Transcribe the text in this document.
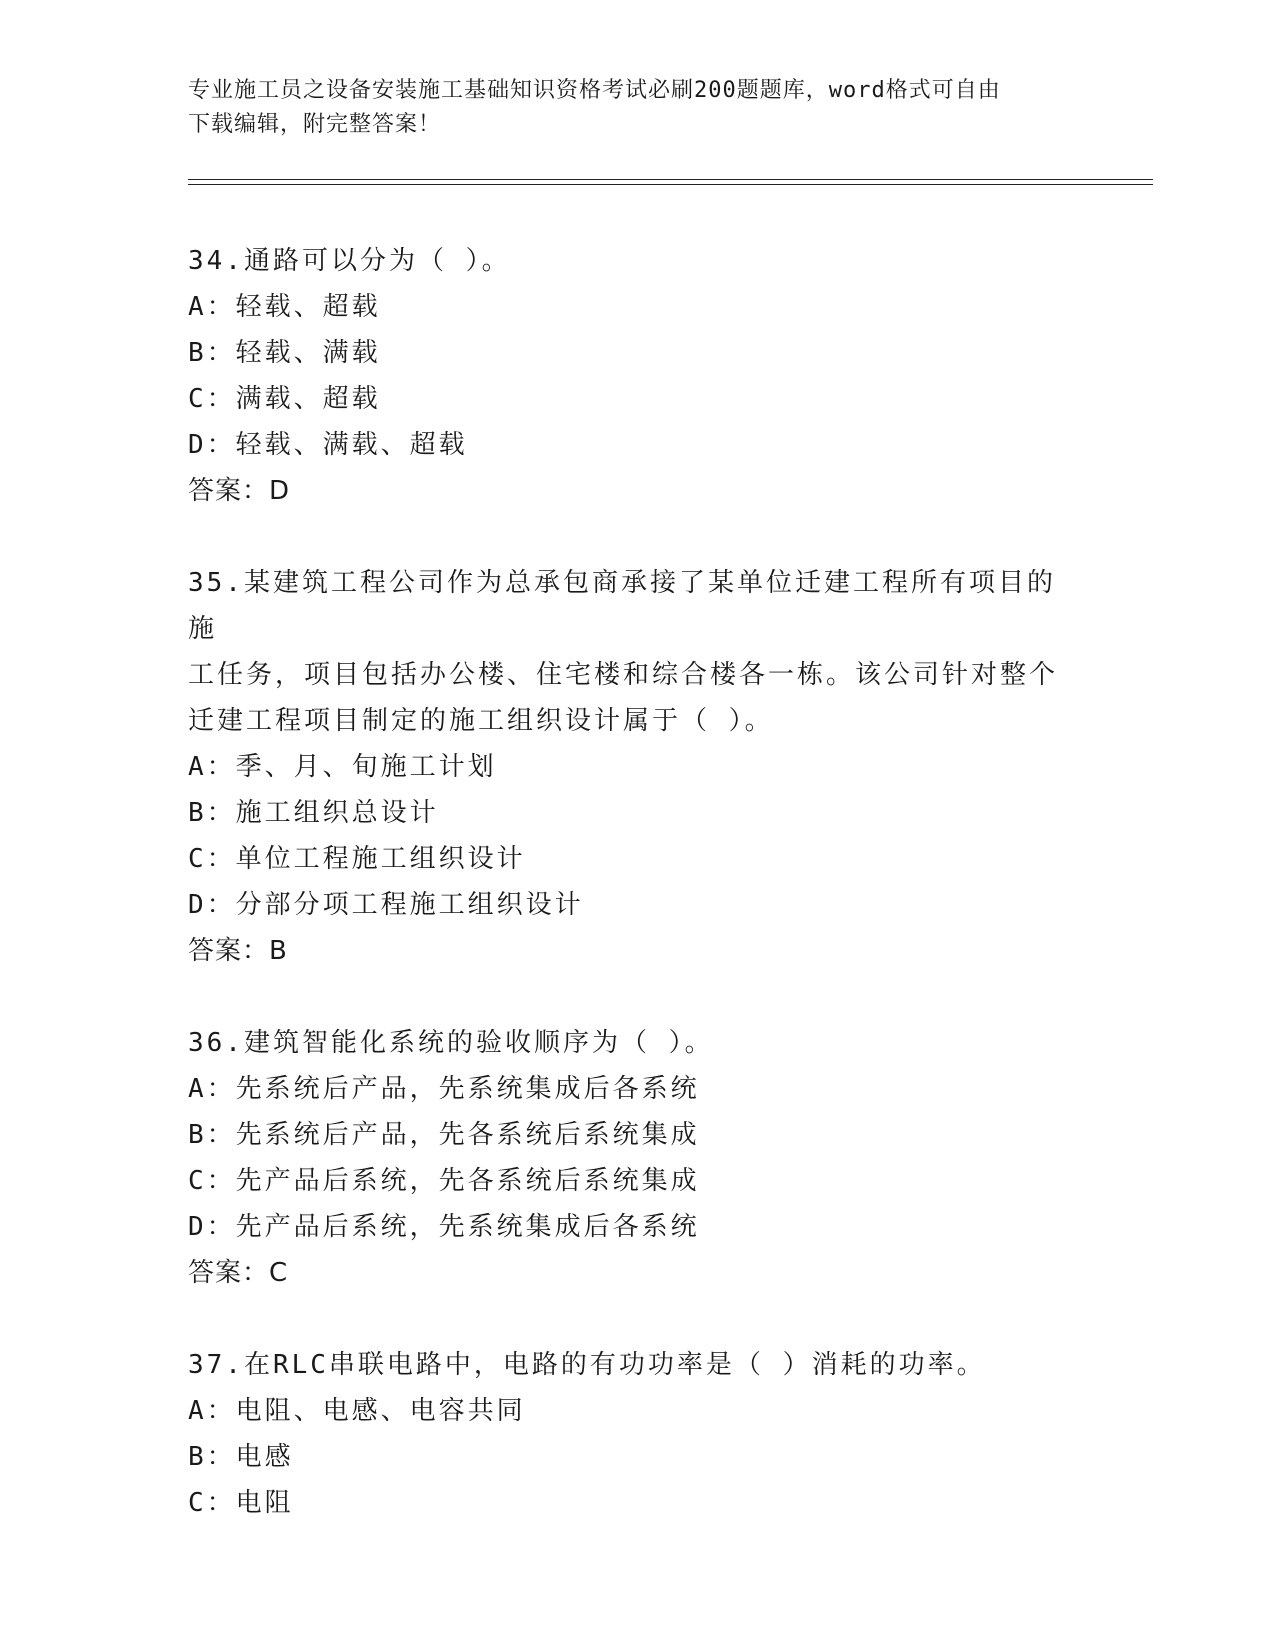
专业施工员之设备安装施工基础知识资格考试必刷200题题库，word格式可自由
下载编辑，附完整答案！
34.通路可以分为（ ）。
A：轻载、超载
B：轻载、满载
C：满载、超载
D：轻载、满载、超载
答案：D
35.某建筑工程公司作为总承包商承接了某单位迁建工程所有项目的施
工任务，项目包括办公楼、住宅楼和综合楼各一栋。该公司针对整个
迁建工程项目制定的施工组织设计属于（ ）。
A：季、月、旬施工计划
B：施工组织总设计
C：单位工程施工组织设计
D：分部分项工程施工组织设计
答案：B
36.建筑智能化系统的验收顺序为（ ）。
A：先系统后产品，先系统集成后各系统
B：先系统后产品，先各系统后系统集成
C：先产品后系统，先各系统后系统集成
D：先产品后系统，先系统集成后各系统
答案：C
37.在RLC串联电路中，电路的有功功率是（ ）消耗的功率。
A：电阻、电感、电容共同
B：电感
C：电阻
